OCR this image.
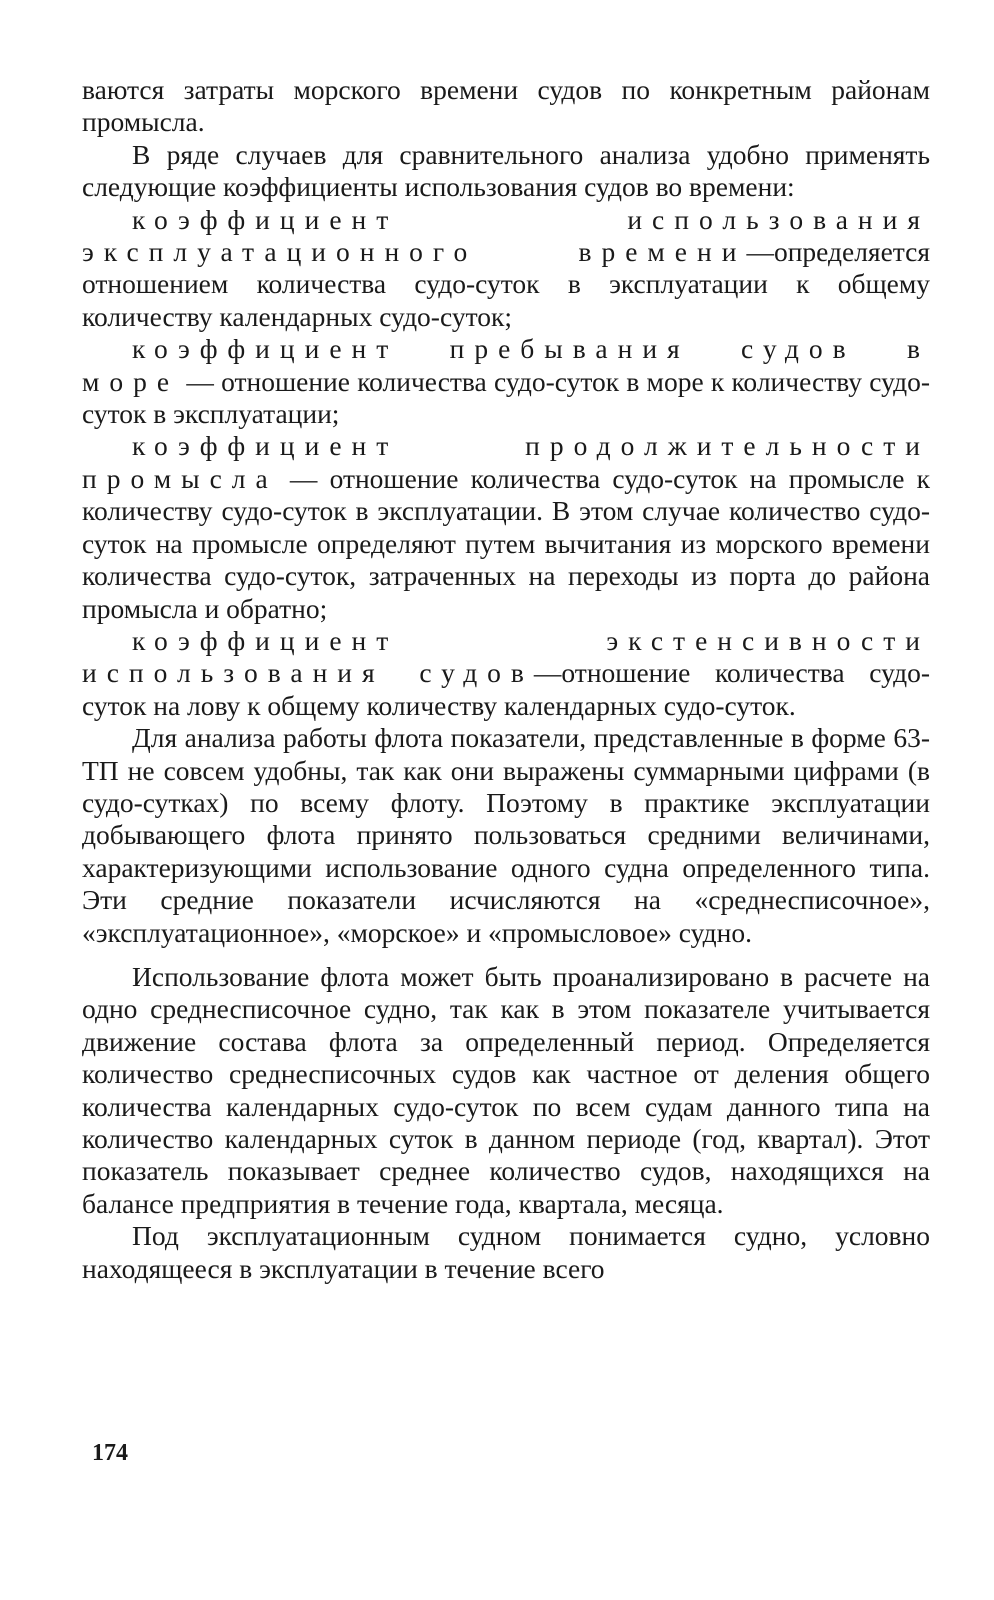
ваются затраты морского времени судов по конкретным районам промысла.

В ряде случаев для сравнительного анализа удобно применять следующие коэффициенты использования судов во времени:

коэффициент использования эксплуатационного времени—определяется отношением количества судо-суток в эксплуатации к общему количеству календарных судо-суток;

коэффициент пребывания судов в море — отношение количества судо-суток в море к количеству судо-суток в эксплуатации;

коэффициент продолжительности промысла — отношение количества судо-суток на промысле к количеству судо-суток в эксплуатации. В этом случае количество судо-суток на промысле определяют путем вычитания из морского времени количества судо-суток, затраченных на переходы из порта до района промысла и обратно;

коэффициент экстенсивности использования судов—отношение количества судо-суток на лову к общему количеству календарных судо-суток.

Для анализа работы флота показатели, представленные в форме 63-ТП не совсем удобны, так как они выражены суммарными цифрами (в судо-сутках) по всему флоту. Поэтому в практике эксплуатации добывающего флота принято пользоваться средними величинами, характеризующими использование одного судна определенного типа. Эти средние показатели исчисляются на «среднесписочное», «эксплуатационное», «морское» и «промысловое» судно.

Использование флота может быть проанализировано в расчете на одно среднесписочное судно, так как в этом показателе учитывается движение состава флота за определенный период. Определяется количество среднесписочных судов как частное от деления общего количества календарных судо-суток по всем судам данного типа на количество календарных суток в данном периоде (год, квартал). Этот показатель показывает среднее количество судов, находящихся на балансе предприятия в течение года, квартала, месяца.

Под эксплуатационным судном понимается судно, условно находящееся в эксплуатации в течение всего

174
